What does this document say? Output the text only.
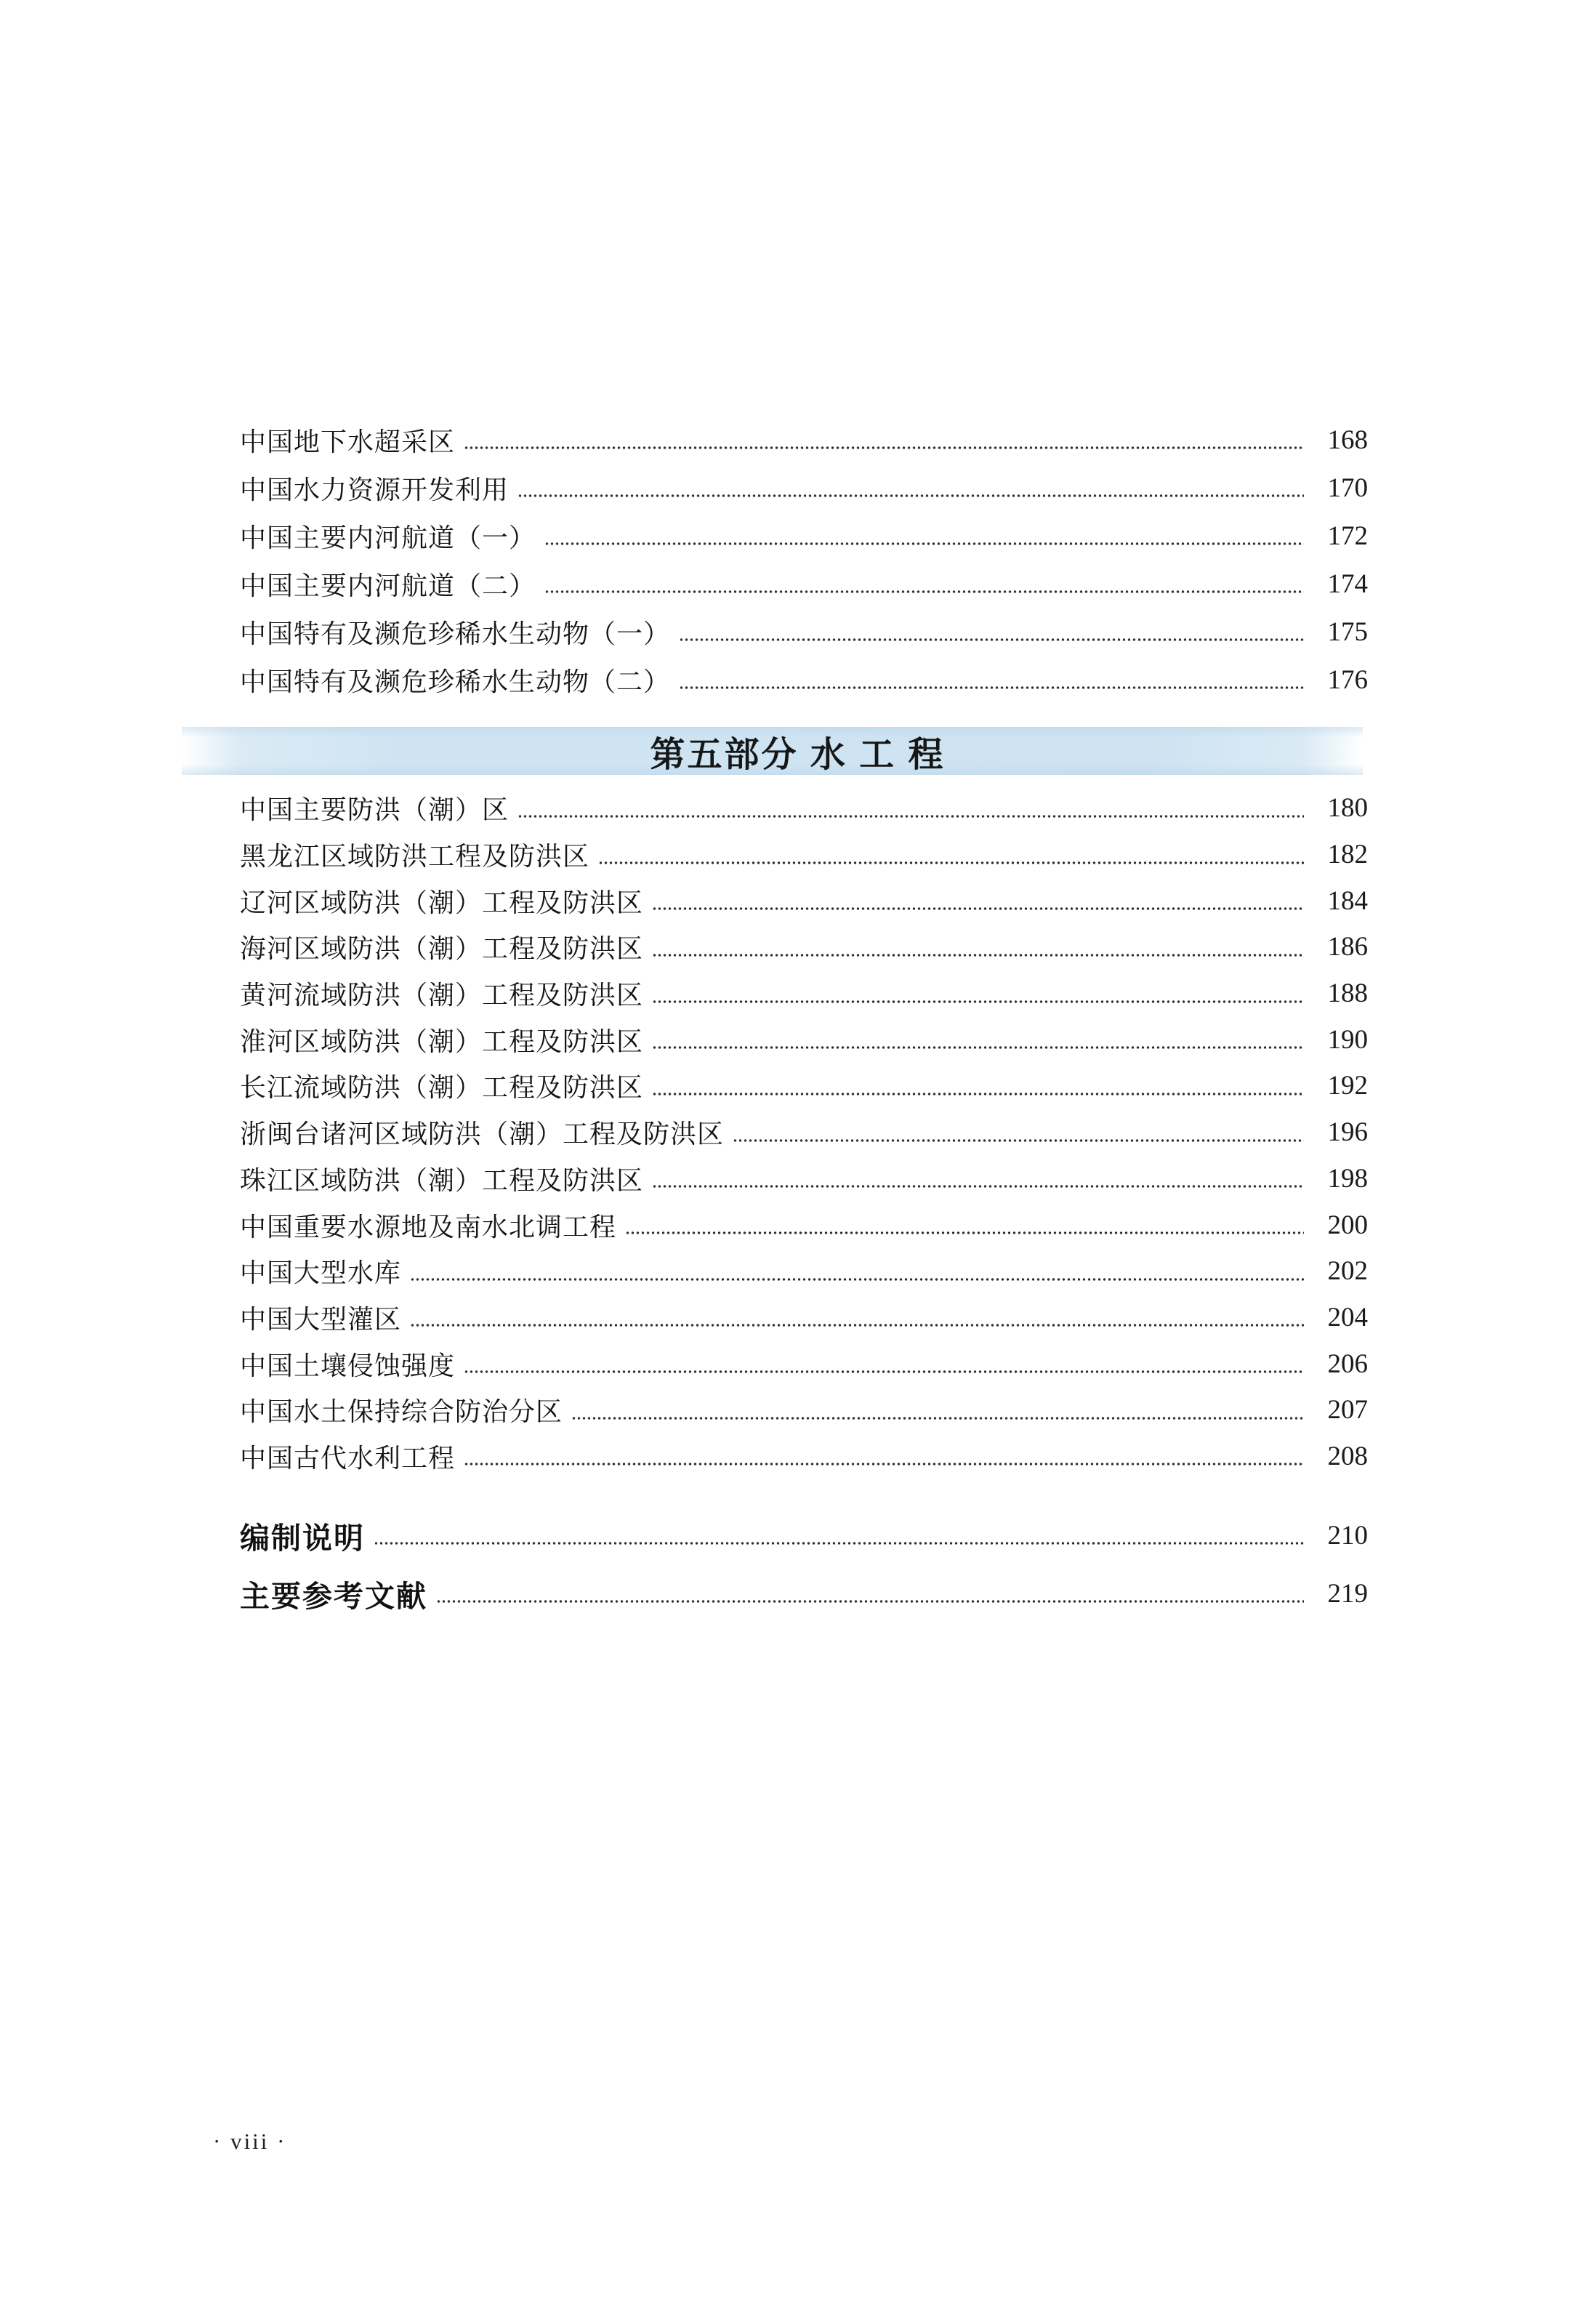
中国地下水超采区	168
中国水力资源开发利用	170
中国主要内河航道（一）	172
中国主要内河航道（二）	174
中国特有及濒危珍稀水生动物（一）	175
中国特有及濒危珍稀水生动物（二）	176
第五部分 水 工 程
中国主要防洪（潮）区	180
黑龙江区域防洪工程及防洪区	182
辽河区域防洪（潮）工程及防洪区	184
海河区域防洪（潮）工程及防洪区	186
黄河流域防洪（潮）工程及防洪区	188
淮河区域防洪（潮）工程及防洪区	190
长江流域防洪（潮）工程及防洪区	192
浙闽台诸河区域防洪（潮）工程及防洪区	196
珠江区域防洪（潮）工程及防洪区	198
中国重要水源地及南水北调工程	200
中国大型水库	202
中国大型灌区	204
中国土壤侵蚀强度	206
中国水土保持综合防治分区	207
中国古代水利工程	208
编制说明	210
主要参考文献	219
· viii ·
